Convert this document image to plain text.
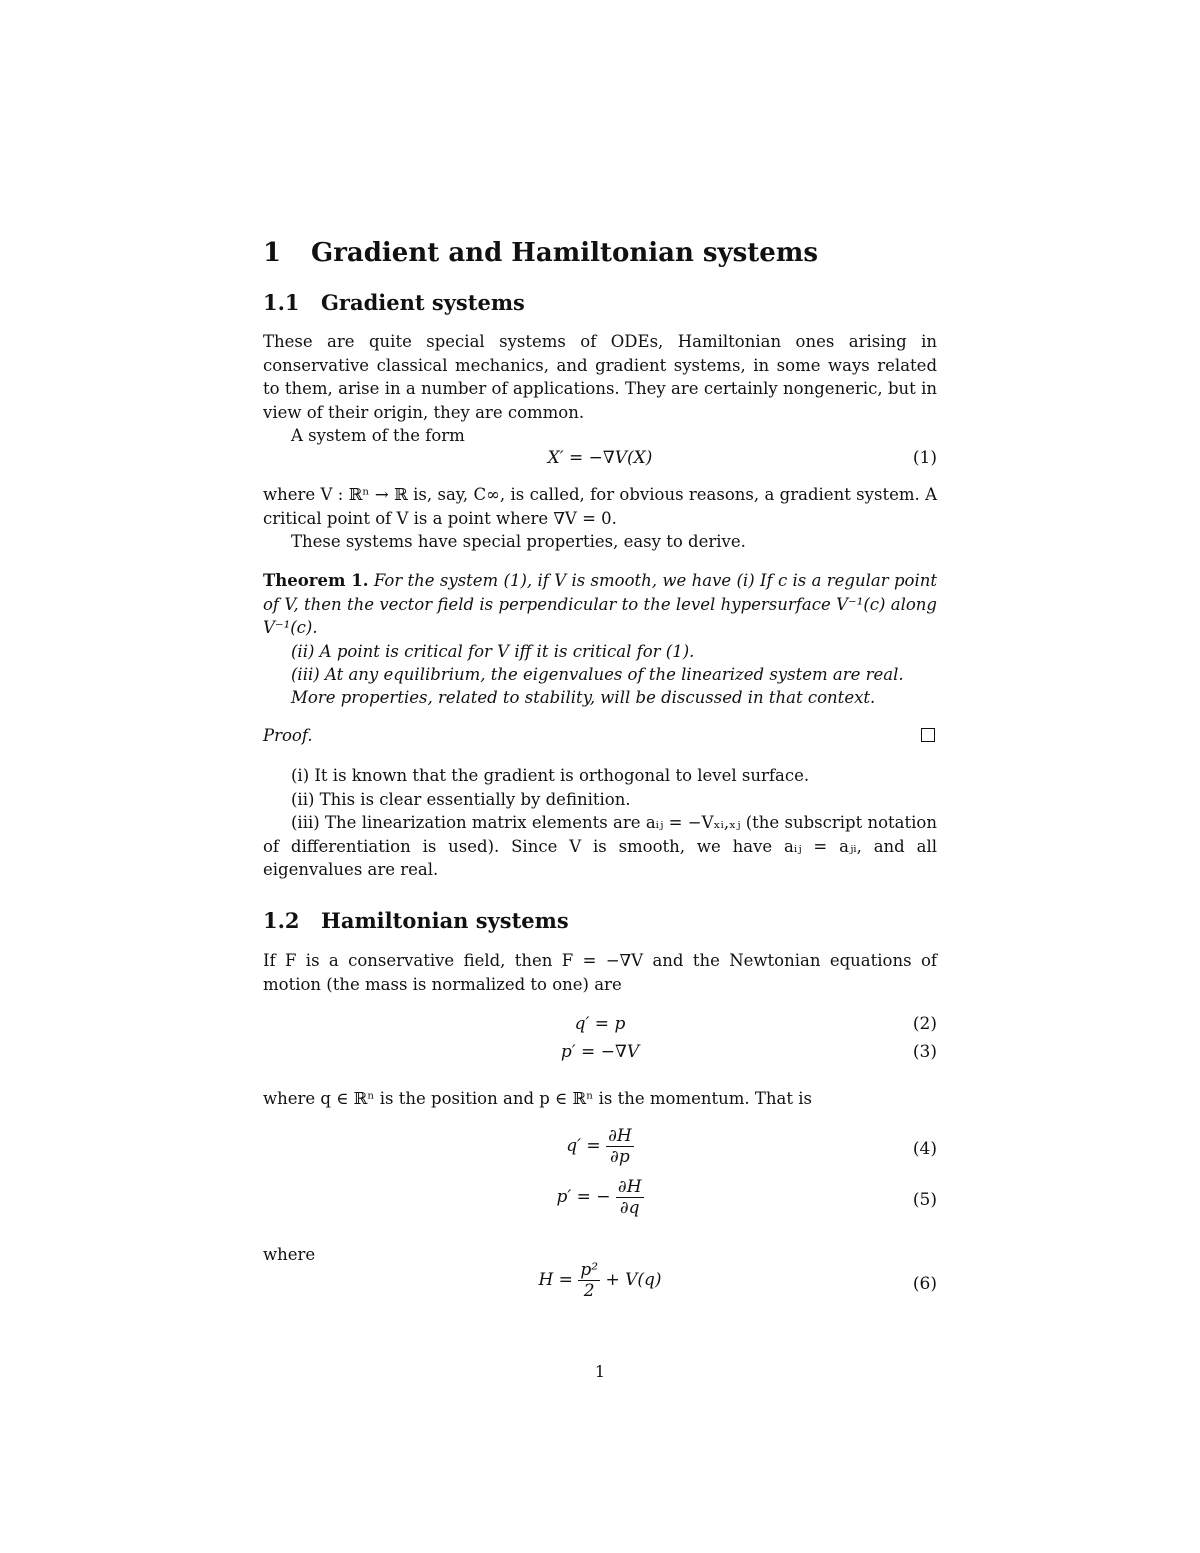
1 Gradient and Hamiltonian systems
1.1 Gradient systems
These are quite special systems of ODEs, Hamiltonian ones arising in conservative classical mechanics, and gradient systems, in some ways related to them, arise in a number of applications. They are certainly nongeneric, but in view of their origin, they are common.
A system of the form
X′ = −∇V(X)	(1)
where V : ℝⁿ → ℝ is, say, C∞, is called, for obvious reasons, a gradient system. A critical point of V is a point where ∇V = 0.
These systems have special properties, easy to derive.
Theorem 1. For the system (1), if V is smooth, we have (i) If c is a regular point of V, then the vector field is perpendicular to the level hypersurface V⁻¹(c) along V⁻¹(c).
(ii) A point is critical for V iff it is critical for (1).
(iii) At any equilibrium, the eigenvalues of the linearized system are real.
More properties, related to stability, will be discussed in that context.
Proof.
(i) It is known that the gradient is orthogonal to level surface.
(ii) This is clear essentially by definition.
(iii) The linearization matrix elements are aᵢⱼ = −Vₓᵢ,ₓⱼ (the subscript notation of differentiation is used). Since V is smooth, we have aᵢⱼ = aⱼᵢ, and all eigenvalues are real.
1.2 Hamiltonian systems
If F is a conservative field, then F = −∇V and the Newtonian equations of motion (the mass is normalized to one) are
q′ = p	(2)
p′ = −∇V	(3)
where q ∈ ℝⁿ is the position and p ∈ ℝⁿ is the momentum. That is
$q' = \frac{\partial H}{\partial p}$	(4)
p′ = − $\frac{\partial H}{\partial q}$	(5)
where
$H = \frac{\text{p²}}{2} + V(q)$	(6)
1
